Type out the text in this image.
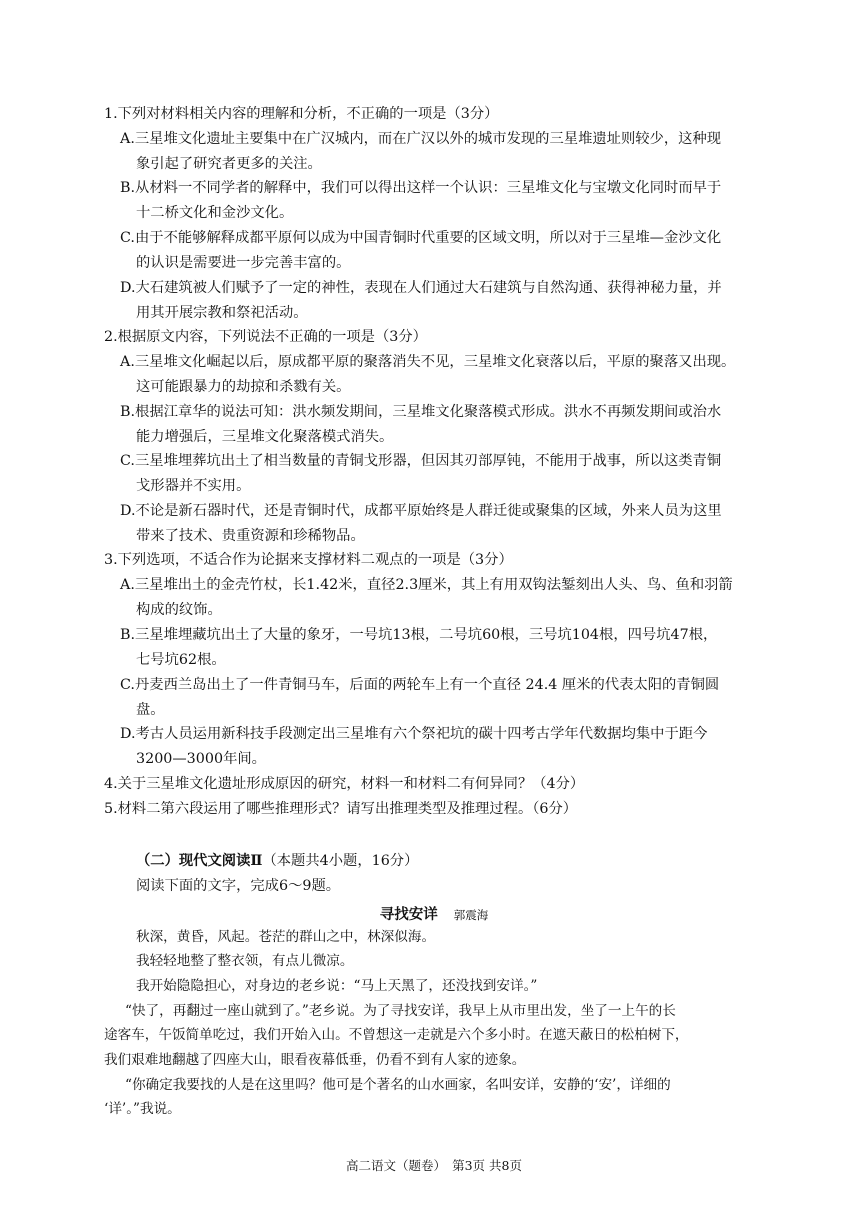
1.下列对材料相关内容的理解和分析，不正确的一项是（3分）
A.三星堆文化遗址主要集中在广汉城内，而在广汉以外的城市发现的三星堆遗址则较少，这种现
象引起了研究者更多的关注。
B.从材料一不同学者的解释中，我们可以得出这样一个认识：三星堆文化与宝墩文化同时而早于
十二桥文化和金沙文化。
C.由于不能够解释成都平原何以成为中国青铜时代重要的区域文明，所以对于三星堆—金沙文化
的认识是需要进一步完善丰富的。
D.大石建筑被人们赋予了一定的神性，表现在人们通过大石建筑与自然沟通、获得神秘力量，并
用其开展宗教和祭祀活动。
2.根据原文内容，下列说法不正确的一项是（3分）
A.三星堆文化崛起以后，原成都平原的聚落消失不见，三星堆文化衰落以后，平原的聚落又出现。
这可能跟暴力的劫掠和杀戮有关。
B.根据江章华的说法可知：洪水频发期间，三星堆文化聚落模式形成。洪水不再频发期间或治水
能力增强后，三星堆文化聚落模式消失。
C.三星堆埋葬坑出土了相当数量的青铜戈形器，但因其刃部厚钝，不能用于战事，所以这类青铜
戈形器并不实用。
D.不论是新石器时代，还是青铜时代，成都平原始终是人群迁徙或聚集的区域，外来人员为这里
带来了技术、贵重资源和珍稀物品。
3.下列选项，不适合作为论据来支撑材料二观点的一项是（3分）
A.三星堆出土的金壳竹杖，长1.42米，直径2.3厘米，其上有用双钩法錾刻出人头、鸟、鱼和羽箭
构成的纹饰。
B.三星堆埋藏坑出土了大量的象牙，一号坑13根，二号坑60根，三号坑104根，四号坑47根，
七号坑62根。
C.丹麦西兰岛出土了一件青铜马车，后面的两轮车上有一个直径 24.4 厘米的代表太阳的青铜圆
盘。
D.考古人员运用新科技手段测定出三星堆有六个祭祀坑的碳十四考古学年代数据均集中于距今
3200—3000年间。
4.关于三星堆文化遗址形成原因的研究，材料一和材料二有何异同？（4分）
5.材料二第六段运用了哪些推理形式？请写出推理类型及推理过程。（6分）
（二）现代文阅读Ⅱ（本题共4小题，16分）
阅读下面的文字，完成6～9题。
寻找安详 郭震海
秋深，黄昏，风起。苍茫的群山之中，林深似海。
我轻轻地整了整衣领，有点儿微凉。
我开始隐隐担心，对身边的老乡说：“马上天黑了，还没找到安详。”
“快了，再翻过一座山就到了。”老乡说。为了寻找安详，我早上从市里出发，坐了一上午的长
途客车，午饭简单吃过，我们开始入山。不曾想这一走就是六个多小时。在遮天蔽日的松柏树下，
我们艰难地翻越了四座大山，眼看夜幕低垂，仍看不到有人家的迹象。
“你确定我要找的人是在这里吗？他可是个著名的山水画家，名叫安详，安静的‘安’，详细的
‘详’。”我说。
高二语文（题卷） 第3页 共8页
